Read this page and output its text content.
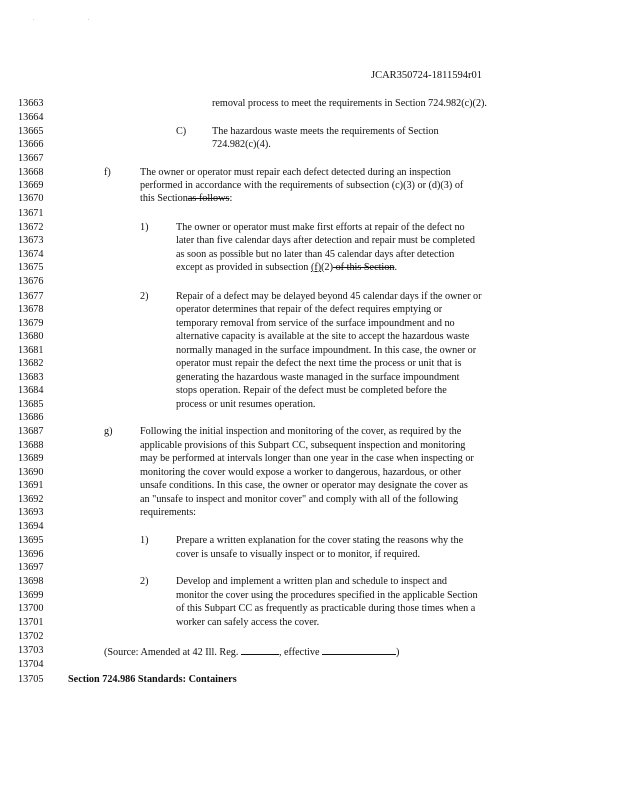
. .
JCAR350724-1811594r01
13663
13664
13665
13666
13667
13668
13669
13670
13671
13672
13673
13674
13675
13676
13677
13678
13679
13680
13681
13682
13683
13684
13685
13686
13687
13688
13689
13690
13691
13692
13693
13694
13695
13696
13697
13698
13699
13700
13701
13702
13703
13704
13705
removal process to meet the requirements in Section 724.982(c)(2).
C)	The hazardous waste meets the requirements of Section
724.982(c)(4).
f)	The owner or operator must repair each defect detected during an inspection
performed in accordance with the requirements of subsection (c)(3) or (d)(3) of
this Sectionas follows:
1)	The owner or operator must make first efforts at repair of the defect no
later than five calendar days after detection and repair must be completed
as soon as possible but no later than 45 calendar days after detection
except as provided in subsection (f)(2) of this Section.
2)	Repair of a defect may be delayed beyond 45 calendar days if the owner or
operator determines that repair of the defect requires emptying or
temporary removal from service of the surface impoundment and no
alternative capacity is available at the site to accept the hazardous waste
normally managed in the surface impoundment. In this case, the owner or
operator must repair the defect the next time the process or unit that is
generating the hazardous waste managed in the surface impoundment
stops operation. Repair of the defect must be completed before the
process or unit resumes operation.
g)	Following the initial inspection and monitoring of the cover, as required by the
applicable provisions of this Subpart CC, subsequent inspection and monitoring
may be performed at intervals longer than one year in the case when inspecting or
monitoring the cover would expose a worker to dangerous, hazardous, or other
unsafe conditions. In this case, the owner or operator may designate the cover as
an "unsafe to inspect and monitor cover" and comply with all of the following
requirements:
1)	Prepare a written explanation for the cover stating the reasons why the
cover is unsafe to visually inspect or to monitor, if required.
2)	Develop and implement a written plan and schedule to inspect and
monitor the cover using the procedures specified in the applicable Section
of this Subpart CC as frequently as practicable during those times when a
worker can safely access the cover.
(Source: Amended at 42 Ill. Reg.	, effective	)
Section 724.986 Standards: Containers
